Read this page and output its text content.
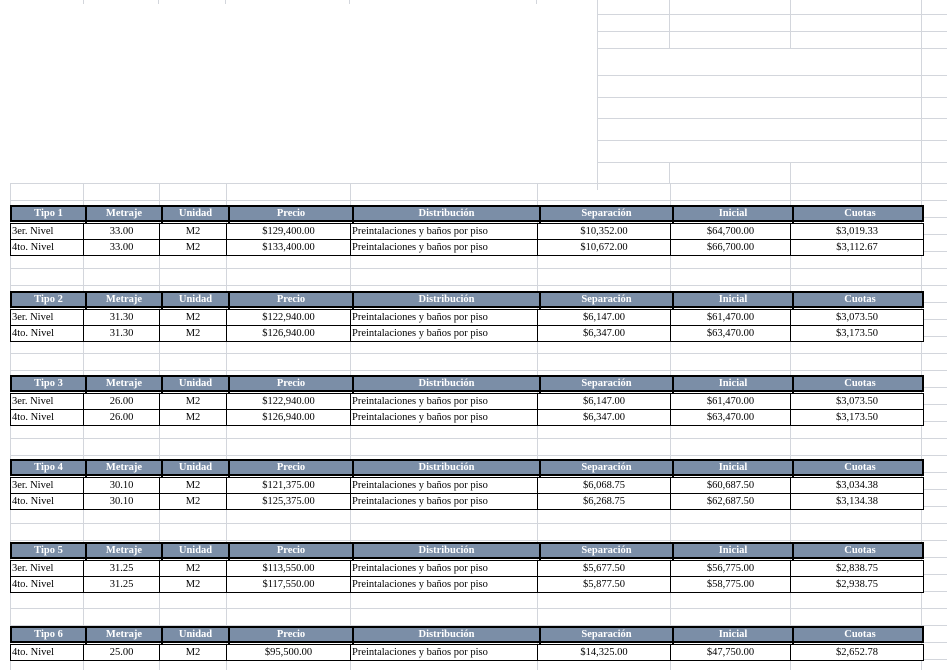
Tipo 1	Metraje	Unidad	Precio	Distribución	Separación	Inicial	Cuotas
3er. Nivel	33.00	M2	$129,400.00	Preintalaciones y baños por piso	$10,352.00	$64,700.00	$3,019.33
4to. Nivel	33.00	M2	$133,400.00	Preintalaciones y baños por piso	$10,672.00	$66,700.00	$3,112.67
Tipo 2	Metraje	Unidad	Precio	Distribución	Separación	Inicial	Cuotas
3er. Nivel	31.30	M2	$122,940.00	Preintalaciones y baños por piso	$6,147.00	$61,470.00	$3,073.50
4to. Nivel	31.30	M2	$126,940.00	Preintalaciones y baños por piso	$6,347.00	$63,470.00	$3,173.50
Tipo 3	Metraje	Unidad	Precio	Distribución	Separación	Inicial	Cuotas
3er. Nivel	26.00	M2	$122,940.00	Preintalaciones y baños por piso	$6,147.00	$61,470.00	$3,073.50
4to. Nivel	26.00	M2	$126,940.00	Preintalaciones y baños por piso	$6,347.00	$63,470.00	$3,173.50
Tipo 4	Metraje	Unidad	Precio	Distribución	Separación	Inicial	Cuotas
3er. Nivel	30.10	M2	$121,375.00	Preintalaciones y baños por piso	$6,068.75	$60,687.50	$3,034.38
4to. Nivel	30.10	M2	$125,375.00	Preintalaciones y baños por piso	$6,268.75	$62,687.50	$3,134.38
Tipo 5	Metraje	Unidad	Precio	Distribución	Separación	Inicial	Cuotas
3er. Nivel	31.25	M2	$113,550.00	Preintalaciones y baños por piso	$5,677.50	$56,775.00	$2,838.75
4to. Nivel	31.25	M2	$117,550.00	Preintalaciones y baños por piso	$5,877.50	$58,775.00	$2,938.75
Tipo 6	Metraje	Unidad	Precio	Distribución	Separación	Inicial	Cuotas
4to. Nivel	25.00	M2	$95,500.00	Preintalaciones y baños por piso	$14,325.00	$47,750.00	$2,652.78
